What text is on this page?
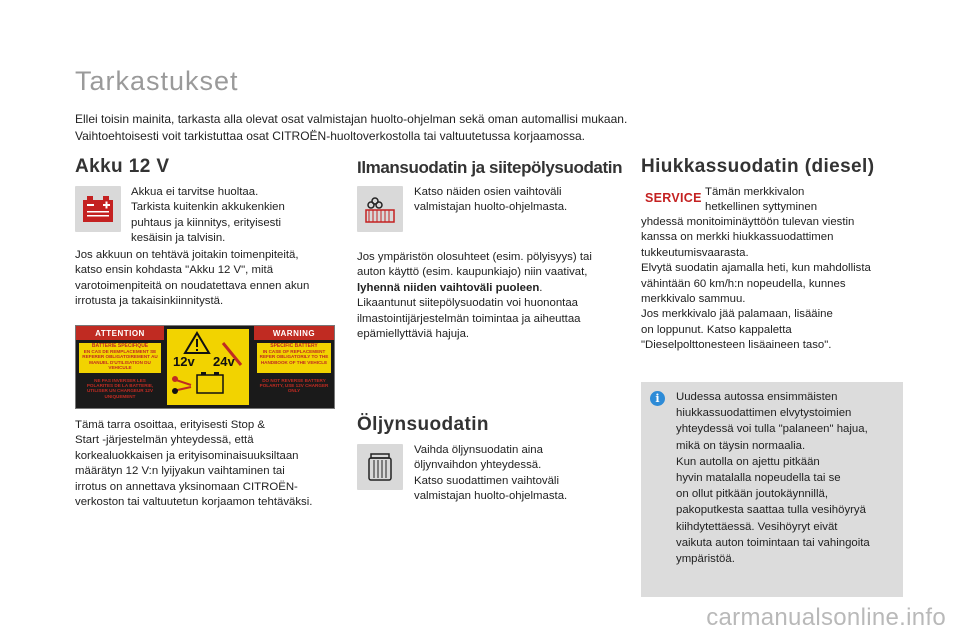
Tarkastukset

Ellei toisin mainita, tarkasta alla olevat osat valmistajan huolto-ohjelman sekä oman automallisi mukaan.

Vaihtoehtoisesti voit tarkistuttaa osat CITROËN-huoltoverkostolla tai valtuutetussa korjaamossa.

Akku 12 V

Akkua ei tarvitse huoltaa.

Tarkista kuitenkin akkukenkien

puhtaus ja kiinnitys, erityisesti

kesäisin ja talvisin.

Jos akkuun on tehtävä joitakin toimenpiteitä,

katso ensin kohdasta "Akku 12 V", mitä

varotoimenpiteitä on noudatettava ennen akun

irrotusta ja takaisinkiinnitystä.

ATTENTION	WARNING
BATTERIE SPECIFIQUE
EN CAS DE REMPLACEMENT SE REFERER OBLIGATOIREMENT AU MANUEL D'UTILISATION DU VEHICULE
NE PAS INVERSER LES POLARITES DE LA BATTERIE, UTILISER UN CHARGEUR 12V UNIQUEMENT
SPECIFIC BATTERY
IN CASE OF REPLACEMENT REFER OBLIGATORILY TO THE HANDBOOK OF THE VEHICLE
DO NOT REVERSE BATTERY POLARITY, USE 12V CHARGER ONLY
12v 24v

Tämä tarra osoittaa, erityisesti Stop &

Start -järjestelmän yhteydessä, että

korkealuokkaisen ja erityisominaisuuksiltaan

määrätyn 12 V:n lyijyakun vaihtaminen tai

irrotus on annettava yksinomaan CITROËN-

verkoston tai valtuutetun korjaamon tehtäväksi.

Ilmansuodatin ja siitepölysuodatin

Katso näiden osien vaihtoväli

valmistajan huolto-ohjelmasta.

Jos ympäristön olosuhteet (esim. pölyisyys) tai

auton käyttö (esim. kaupunkiajo) niin vaativat,

lyhennä niiden vaihtoväli puoleen.

Likaantunut siitepölysuodatin voi huonontaa

ilmastointijärjestelmän toimintaa ja aiheuttaa

epämiellyttäviä hajuja.

Öljynsuodatin

Vaihda öljynsuodatin aina

öljynvaihdon yhteydessä.

Katso suodattimen vaihtoväli

valmistajan huolto-ohjelmasta.

Hiukkassuodatin (diesel)
SERVICE Tämän merkkivalon

hetkellinen syttyminen

yhdessä monitoiminäyttöön tulevan viestin

kanssa on merkki hiukkassuodattimen

tukkeutumisvaarasta.

Elvytä suodatin ajamalla heti, kun mahdollista

vähintään 60 km/h:n nopeudella, kunnes

merkkivalo sammuu.

Jos merkkivalo jää palamaan, lisääine

on loppunut. Katso kappaletta

"Dieselpolttonesteen lisäaineen taso".

i	Uudessa autossa ensimmäisten

hiukkassuodattimen elvytystoimien

yhteydessä voi tulla "palaneen" hajua,

mikä on täysin normaalia.

Kun autolla on ajettu pitkään

hyvin matalalla nopeudella tai se

on ollut pitkään joutokäynnillä,

pakoputkesta saattaa tulla vesihöyryä

kiihdytettäessä. Vesihöyryt eivät

vaikuta auton toimintaan tai vahingoita

ympäristöä.

carmanualsonline.info
